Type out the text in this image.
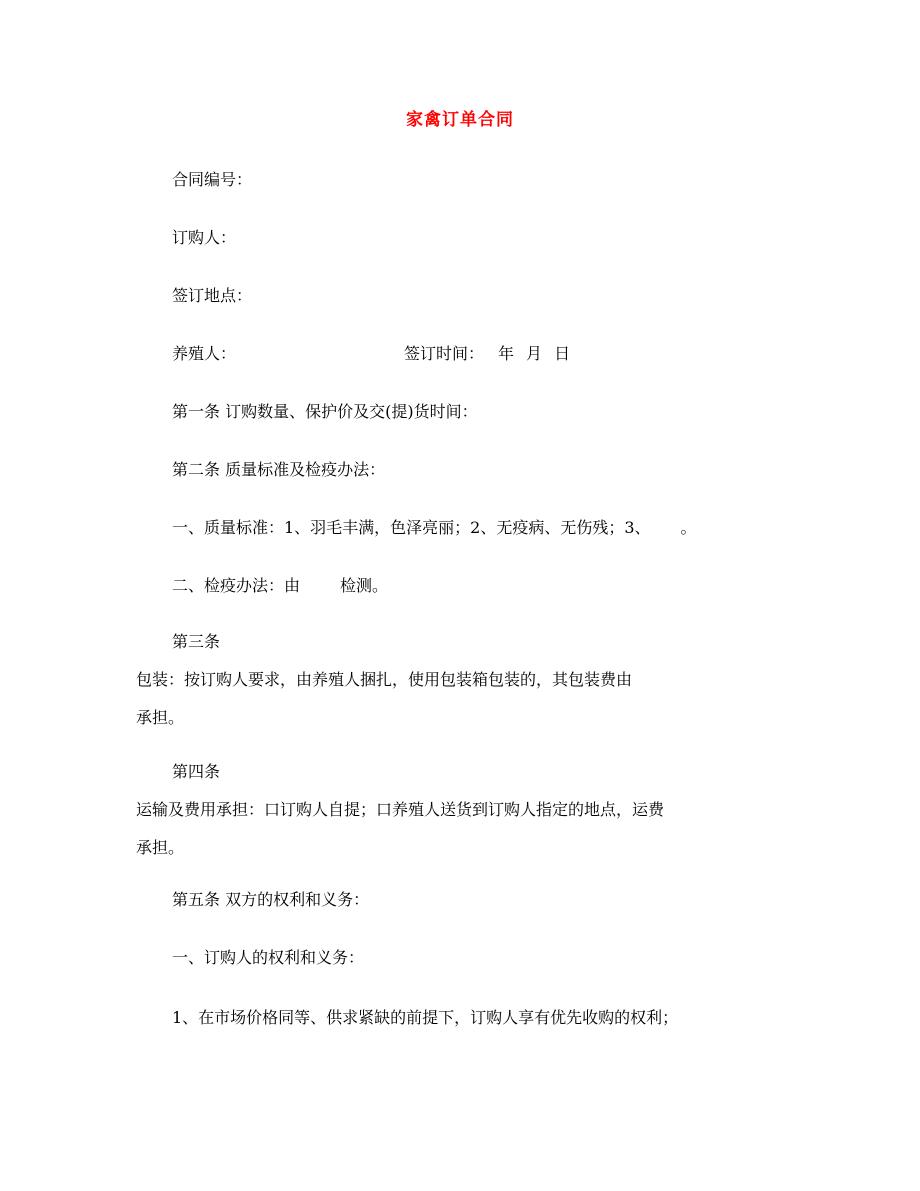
家禽订单合同
合同编号：
订购人：
签订地点：
养殖人：	签订时间： 年 月 日
第一条 订购数量、保护价及交(提)货时间：
第二条 质量标准及检疫办法：
一、质量标准：1、羽毛丰满，色泽亮丽；2、无疫病、无伤残；3、 。
二、检疫办法：由	检测。
第三条
包装：按订购人要求，由养殖人捆扎，使用包装箱包装的，其包装费由
承担。
第四条
运输及费用承担：口订购人自提；口养殖人送货到订购人指定的地点，运费
承担。
第五条 双方的权利和义务：
一、订购人的权利和义务：
1、在市场价格同等、供求紧缺的前提下，订购人享有优先收购的权利；
